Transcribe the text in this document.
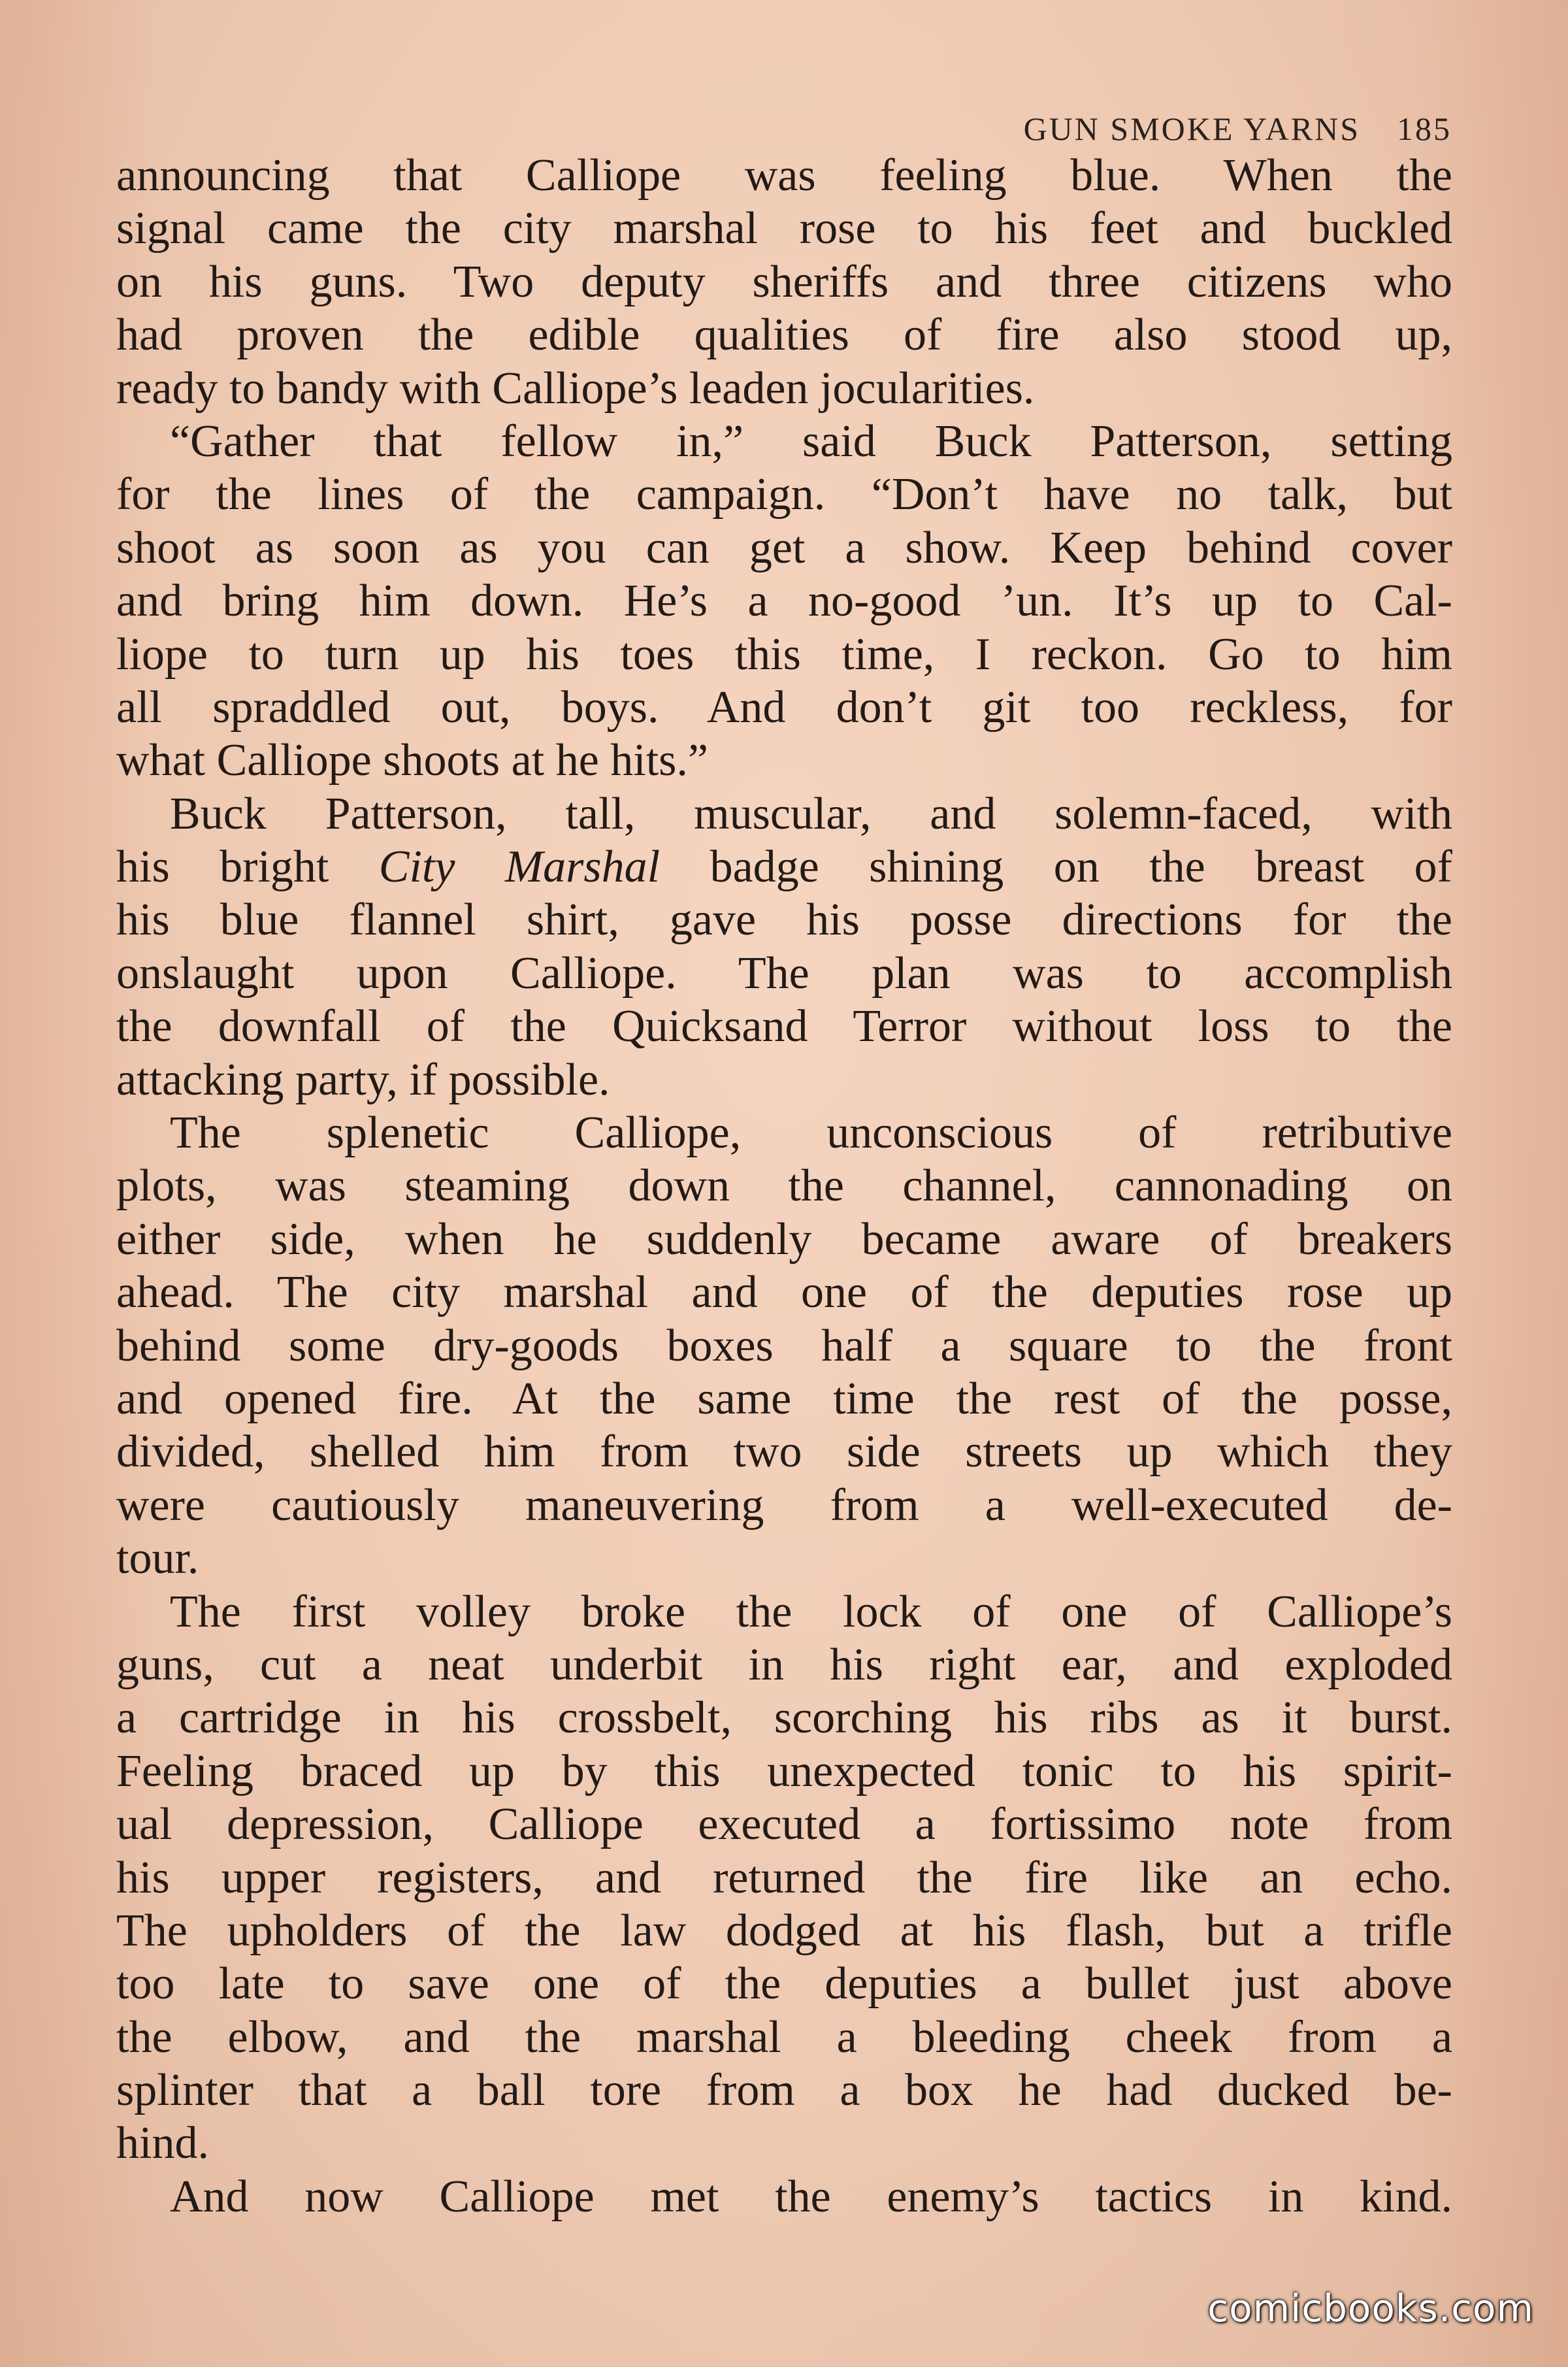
GUN SMOKE YARNS 185
announcing that Calliope was feeling blue. When the
signal came the city marshal rose to his feet and buckled
on his guns. Two deputy sheriffs and three citizens who
had proven the edible qualities of fire also stood up,
ready to bandy with Calliope’s leaden jocularities.
“Gather that fellow in,” said Buck Patterson, setting
for the lines of the campaign. “Don’t have no talk, but
shoot as soon as you can get a show. Keep behind cover
and bring him down. He’s a no-good ’un. It’s up to Cal-
liope to turn up his toes this time, I reckon. Go to him
all spraddled out, boys. And don’t git too reckless, for
what Calliope shoots at he hits.”
Buck Patterson, tall, muscular, and solemn-faced, with
his bright City Marshal badge shining on the breast of
his blue flannel shirt, gave his posse directions for the
onslaught upon Calliope. The plan was to accomplish
the downfall of the Quicksand Terror without loss to the
attacking party, if possible.
The splenetic Calliope, unconscious of retributive
plots, was steaming down the channel, cannonading on
either side, when he suddenly became aware of breakers
ahead. The city marshal and one of the deputies rose up
behind some dry-goods boxes half a square to the front
and opened fire. At the same time the rest of the posse,
divided, shelled him from two side streets up which they
were cautiously maneuvering from a well-executed de-
tour.
The first volley broke the lock of one of Calliope’s
guns, cut a neat underbit in his right ear, and exploded
a cartridge in his crossbelt, scorching his ribs as it burst.
Feeling braced up by this unexpected tonic to his spirit-
ual depression, Calliope executed a fortissimo note from
his upper registers, and returned the fire like an echo.
The upholders of the law dodged at his flash, but a trifle
too late to save one of the deputies a bullet just above
the elbow, and the marshal a bleeding cheek from a
splinter that a ball tore from a box he had ducked be-
hind.
And now Calliope met the enemy’s tactics in kind.
comicbooks.com
